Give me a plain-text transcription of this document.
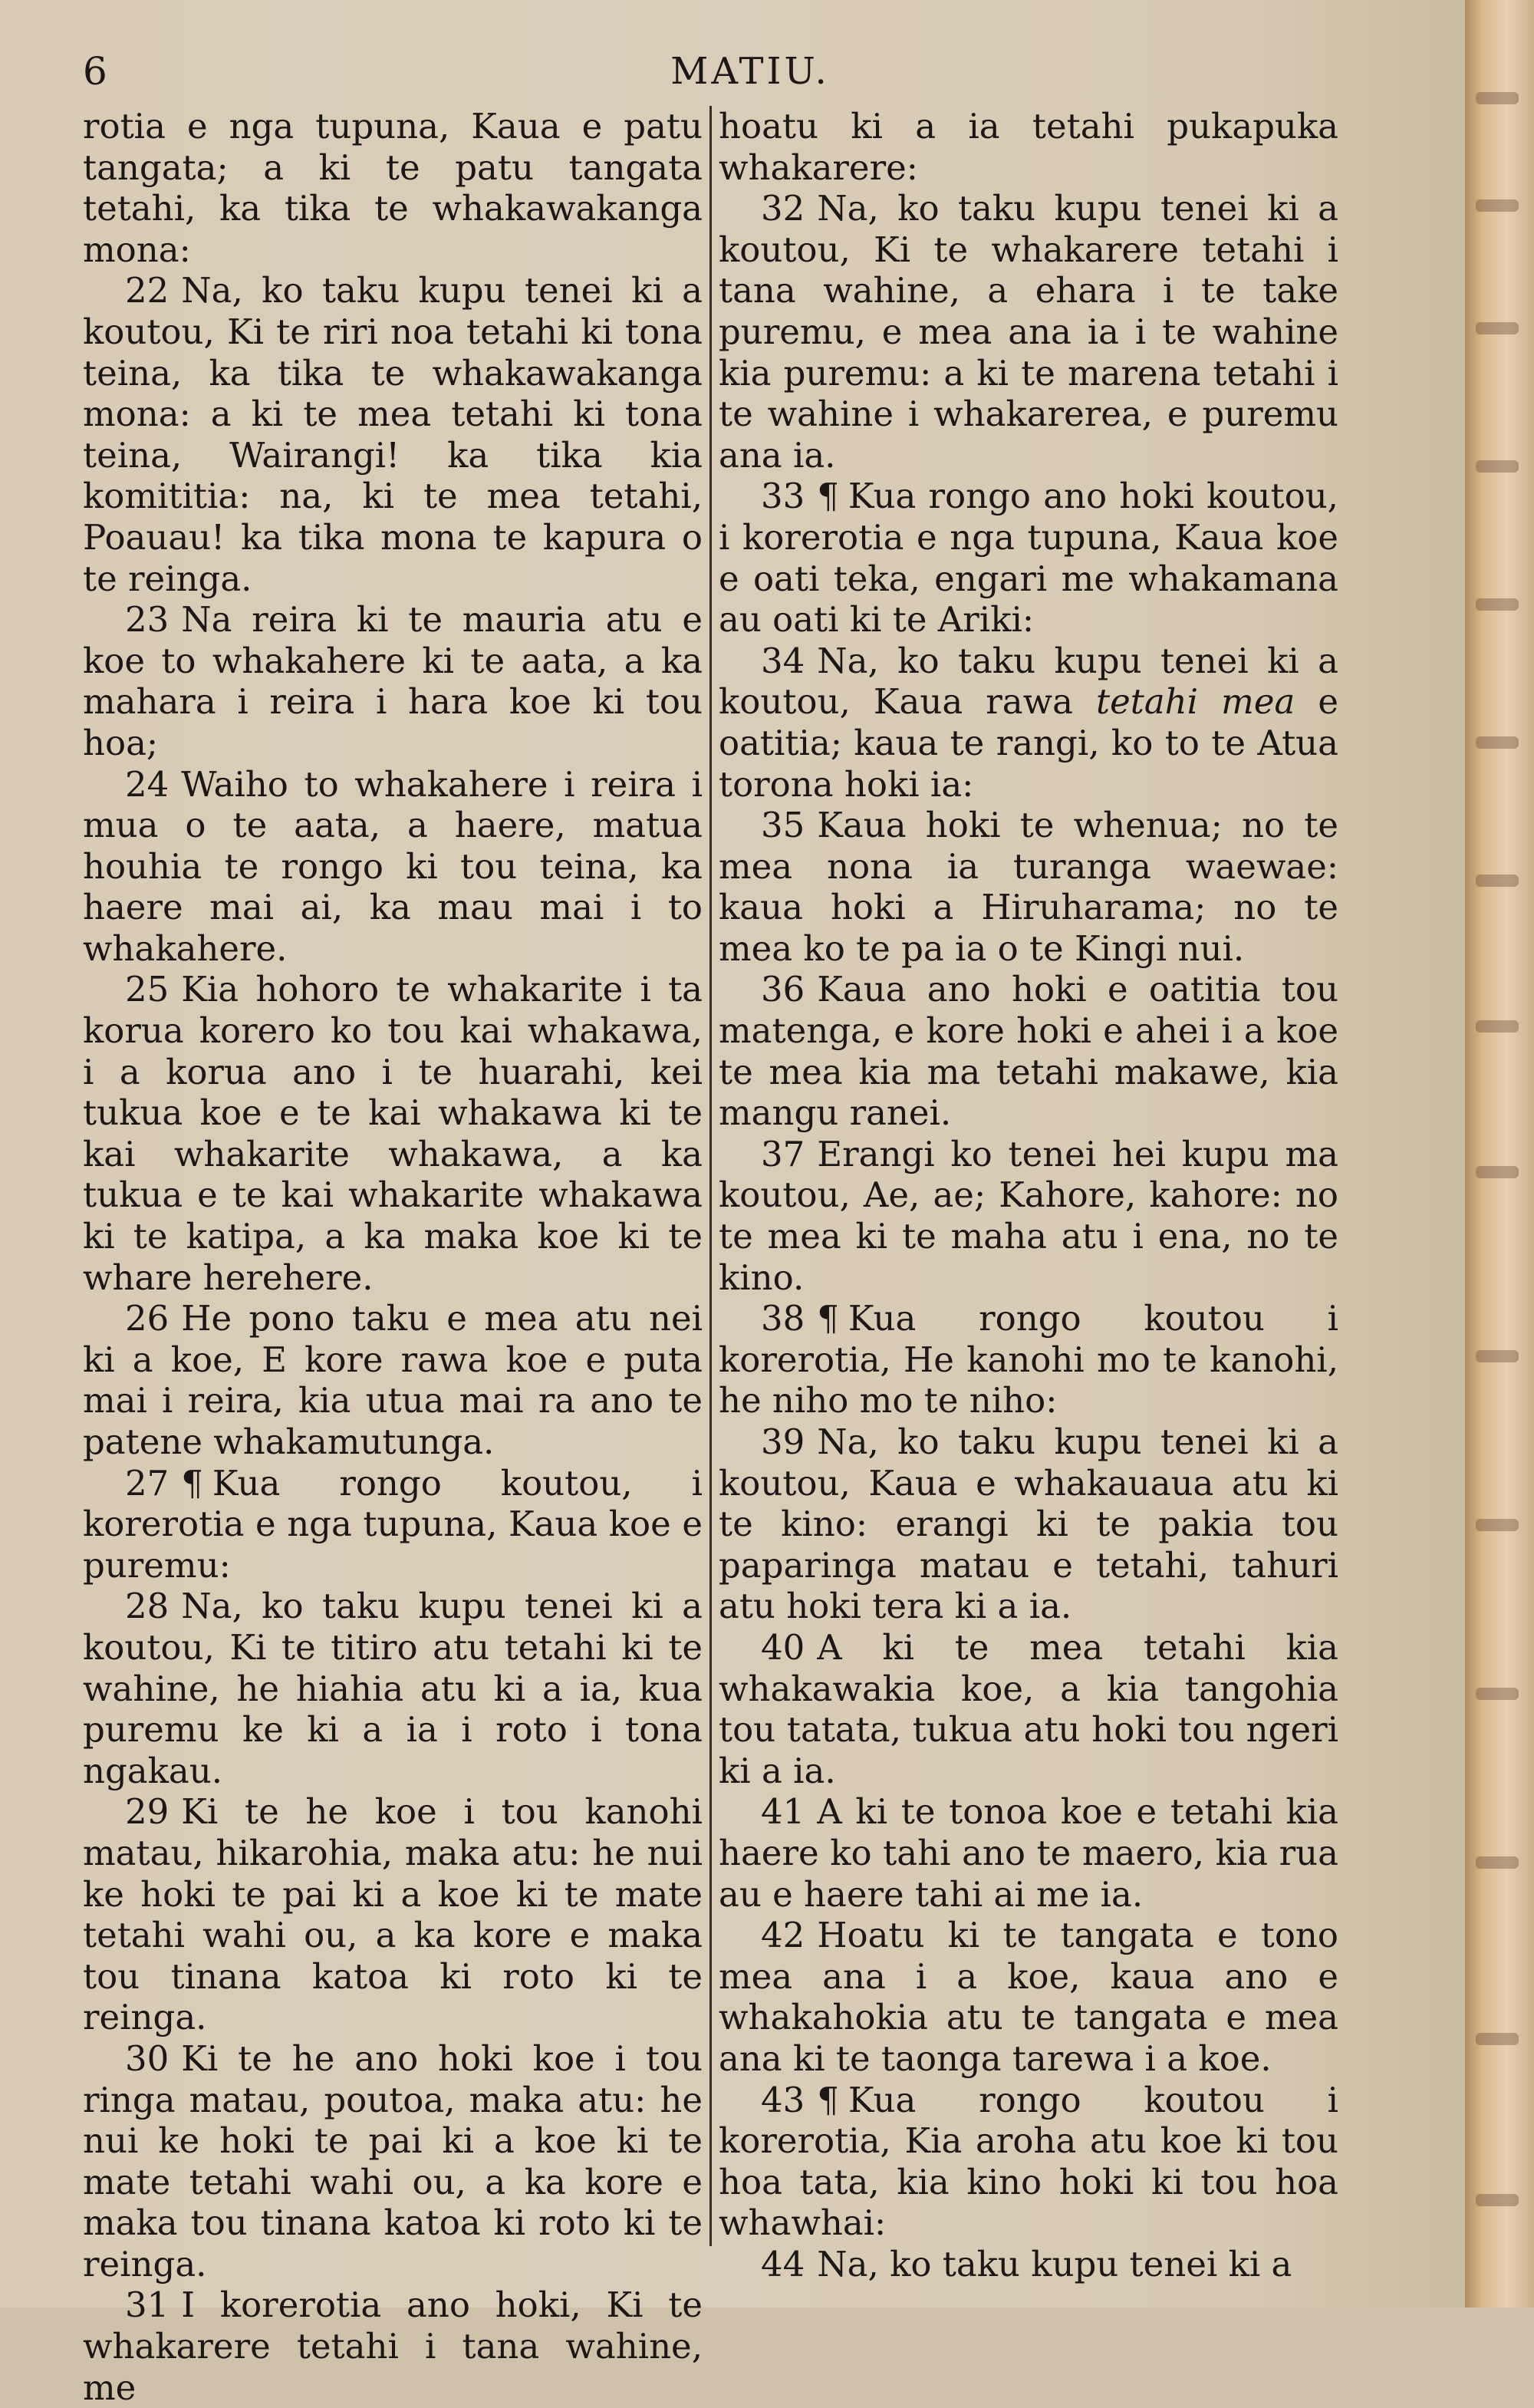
6	MATIU.

rotia e nga tupuna, Kaua e patu tangata; a ki te patu tangata tetahi, ka tika te whakawakanga mona:

22 Na, ko taku kupu tenei ki a koutou, Ki te riri noa tetahi ki tona teina, ka tika te whakawakanga mona: a ki te mea tetahi ki tona teina, Wairangi! ka tika kia komititia: na, ki te mea tetahi, Poauau! ka tika mona te kapura o te reinga.

23 Na reira ki te mauria atu e koe to whakahere ki te aata, a ka mahara i reira i hara koe ki tou hoa;

24 Waiho to whakahere i reira i mua o te aata, a haere, matua houhia te rongo ki tou teina, ka haere mai ai, ka mau mai i to whakahere.

25 Kia hohoro te whakarite i ta korua korero ko tou kai whakawa, i a korua ano i te huarahi, kei tukua koe e te kai whakawa ki te kai whakarite whakawa, a ka tukua e te kai whakarite whakawa ki te katipa, a ka maka koe ki te whare herehere.

26 He pono taku e mea atu nei ki a koe, E kore rawa koe e puta mai i reira, kia utua mai ra ano te patene whakamutunga.

27 ¶ Kua rongo koutou, i korerotia e nga tupuna, Kaua koe e puremu:

28 Na, ko taku kupu tenei ki a koutou, Ki te titiro atu tetahi ki te wahine, he hiahia atu ki a ia, kua puremu ke ki a ia i roto i tona ngakau.

29 Ki te he koe i tou kanohi matau, hikarohia, maka atu: he nui ke hoki te pai ki a koe ki te mate tetahi wahi ou, a ka kore e maka tou tinana katoa ki roto ki te reinga.

30 Ki te he ano hoki koe i tou ringa matau, poutoa, maka atu: he nui ke hoki te pai ki a koe ki te mate tetahi wahi ou, a ka kore e maka tou tinana katoa ki roto ki te reinga.

31 I korerotia ano hoki, Ki te whakarere tetahi i tana wahine, me

hoatu ki a ia tetahi pukapuka whakarere:

32 Na, ko taku kupu tenei ki a koutou, Ki te whakarere tetahi i tana wahine, a ehara i te take puremu, e mea ana ia i te wahine kia puremu: a ki te marena tetahi i te wahine i whakarerea, e puremu ana ia.

33 ¶ Kua rongo ano hoki koutou, i korerotia e nga tupuna, Kaua koe e oati teka, engari me whakamana au oati ki te Ariki:

34 Na, ko taku kupu tenei ki a koutou, Kaua rawa tetahi mea e oatitia; kaua te rangi, ko to te Atua torona hoki ia:

35 Kaua hoki te whenua; no te mea nona ia turanga waewae: kaua hoki a Hiruharama; no te mea ko te pa ia o te Kingi nui.

36 Kaua ano hoki e oatitia tou matenga, e kore hoki e ahei i a koe te mea kia ma tetahi makawe, kia mangu ranei.

37 Erangi ko tenei hei kupu ma koutou, Ae, ae; Kahore, kahore: no te mea ki te maha atu i ena, no te kino.

38 ¶ Kua rongo koutou i korerotia, He kanohi mo te kanohi, he niho mo te niho:

39 Na, ko taku kupu tenei ki a koutou, Kaua e whakauaua atu ki te kino: erangi ki te pakia tou paparinga matau e tetahi, tahuri atu hoki tera ki a ia.

40 A ki te mea tetahi kia whakawakia koe, a kia tangohia tou tatata, tukua atu hoki tou ngeri ki a ia.

41 A ki te tonoa koe e tetahi kia haere ko tahi ano te maero, kia rua au e haere tahi ai me ia.

42 Hoatu ki te tangata e tono mea ana i a koe, kaua ano e whakahokia atu te tangata e mea ana ki te taonga tarewa i a koe.

43 ¶ Kua rongo koutou i korerotia, Kia aroha atu koe ki tou hoa tata, kia kino hoki ki tou hoa whawhai:

44 Na, ko taku kupu tenei ki a
